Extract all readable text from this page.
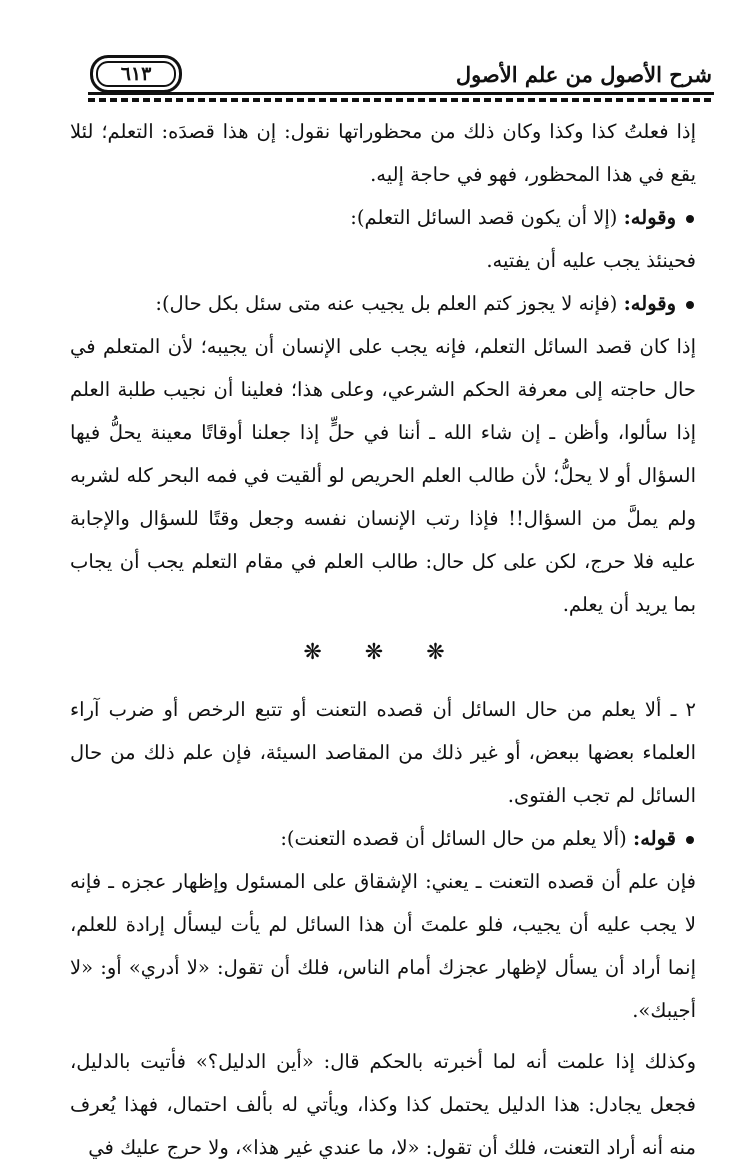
شرح الأصول من علم الأصول
٦١٣

إذا فعلتُ كذا وكذا وكان ذلك من محظوراتها نقول: إن هذا قصدَه: التعلم؛ لئلا يقع في هذا المحظور، فهو في حاجة إليه.

وقوله: (إلا أن يكون قصد السائل التعلم):

فحينئذ يجب عليه أن يفتيه.

وقوله: (فإنه لا يجوز كتم العلم بل يجيب عنه متى سئل بكل حال):

إذا كان قصد السائل التعلم، فإنه يجب على الإنسان أن يجيبه؛ لأن المتعلم في حال حاجته إلى معرفة الحكم الشرعي، وعلى هذا؛ فعلينا أن نجيب طلبة العلم إذا سألوا، وأظن ـ إن شاء الله ـ أننا في حلٍّ إذا جعلنا أوقاتًا معينة يحلُّ فيها السؤال أو لا يحلُّ؛ لأن طالب العلم الحريص لو ألقيت في فمه البحر كله لشربه ولم يملَّ من السؤال!! فإذا رتب الإنسان نفسه وجعل وقتًا للسؤال والإجابة عليه فلا حرج، لكن على كل حال: طالب العلم في مقام التعلم يجب أن يجاب بما يريد أن يعلم.

❋ ❋ ❋

٢ ـ ألا يعلم من حال السائل أن قصده التعنت أو تتبع الرخص أو ضرب آراء العلماء بعضها ببعض، أو غير ذلك من المقاصد السيئة، فإن علم ذلك من حال السائل لم تجب الفتوى.

قوله: (ألا يعلم من حال السائل أن قصده التعنت):

فإن علم أن قصده التعنت ـ يعني: الإشقاق على المسئول وإظهار عجزه ـ فإنه لا يجب عليه أن يجيب، فلو علمتَ أن هذا السائل لم يأت ليسأل إرادة للعلم، إنما أراد أن يسأل لإظهار عجزك أمام الناس، فلك أن تقول: «لا أدري» أو: «لا أجيبك».

وكذلك إذا علمت أنه لما أخبرته بالحكم قال: «أين الدليل؟» فأتيت بالدليل، فجعل يجادل: هذا الدليل يحتمل كذا وكذا، ويأتي له بألف احتمال، فهذا يُعرف منه أنه أراد التعنت، فلك أن تقول: «لا، ما عندي غير هذا»، ولا حرج عليك في
